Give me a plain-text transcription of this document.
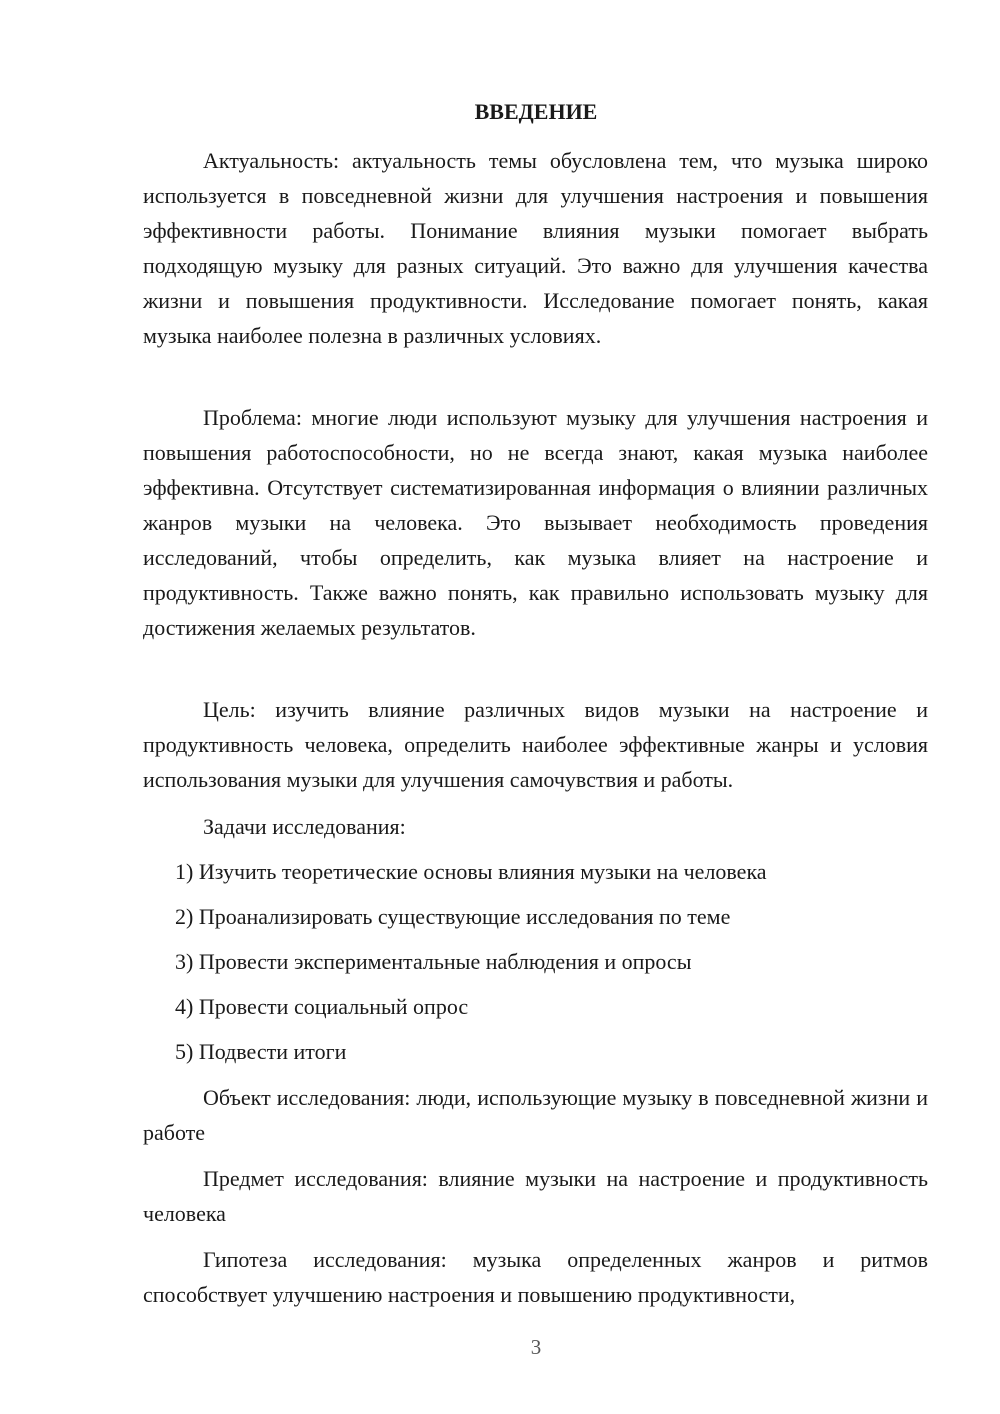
ВВЕДЕНИЕ

Актуальность: актуальность темы обусловлена тем, что музыка широко используется в повседневной жизни для улучшения настроения и повышения эффективности работы. Понимание влияния музыки помогает выбрать подходящую музыку для разных ситуаций. Это важно для улучшения качества жизни и повышения продуктивности. Исследование помогает понять, какая музыка наиболее полезна в различных условиях.

Проблема: многие люди используют музыку для улучшения настроения и повышения работоспособности, но не всегда знают, какая музыка наиболее эффективна. Отсутствует систематизированная информация о влиянии различных жанров музыки на человека. Это вызывает необходимость проведения исследований, чтобы определить, как музыка влияет на настроение и продуктивность. Также важно понять, как правильно использовать музыку для достижения желаемых результатов.

Цель: изучить влияние различных видов музыки на настроение и продуктивность человека, определить наиболее эффективные жанры и условия использования музыки для улучшения самочувствия и работы.

Задачи исследования:
1) Изучить теоретические основы влияния музыки на человека
2) Проанализировать существующие исследования по теме
3) Провести экспериментальные наблюдения и опросы
4) Провести социальный опрос
5) Подвести итоги

Объект исследования: люди, использующие музыку в повседневной жизни и работе

Предмет исследования: влияние музыки на настроение и продуктивность человека

Гипотеза исследования: музыка определенных жанров и ритмов способствует улучшению настроения и повышению продуктивности,

3
